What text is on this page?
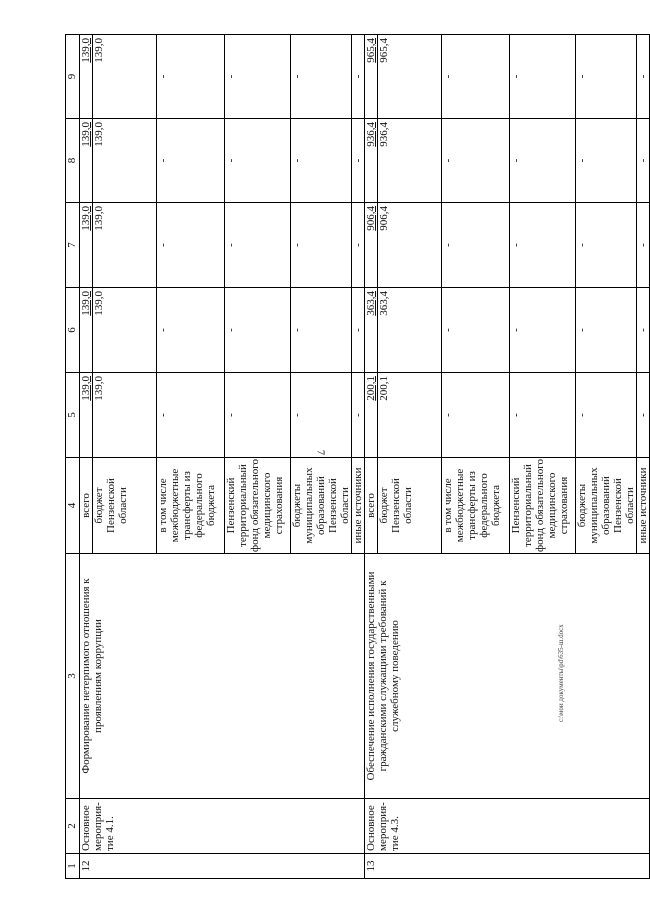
7
1	2	3	4	5	6	7	8	9
12	Основное мероприя-тие 4.1.	Формирование нетерпимого отношения к проявлениям коррупции	всего	139,0	139,0	139,0	139,0	139,0
			бюджет Пензенской области	139,0	139,0	139,0	139,0	139,0
			в том числе межбюджетные трансферты из федерального бюджета	-	-	-	-	-
			Пензенский территориальный фонд обязательного медицинского страхования	-	-	-	-	-
			бюджеты муниципальных образований Пензенской области	-	-	-	-	-
			иные источники	-	-	-	-	-
13	Основное мероприя-тие 4.3.	Обеспечение исполнения государственными гражданскими служащими требований к служебному поведению	всего	200,1	363,4	906,4	936,4	965,4
			бюджет Пензенской области	200,1	363,4	906,4	936,4	965,4
			в том числе межбюджетные трансферты из федерального бюджета	-	-	-	-	-
			Пензенский территориальный фонд обязательного медицинского страхования	-	-	-	-	-
			бюджеты муниципальных образований Пензенской области	-	-	-	-	-
			иные источники	-	-	-	-	-
c:\мои документы\pd\635-ш.docx
